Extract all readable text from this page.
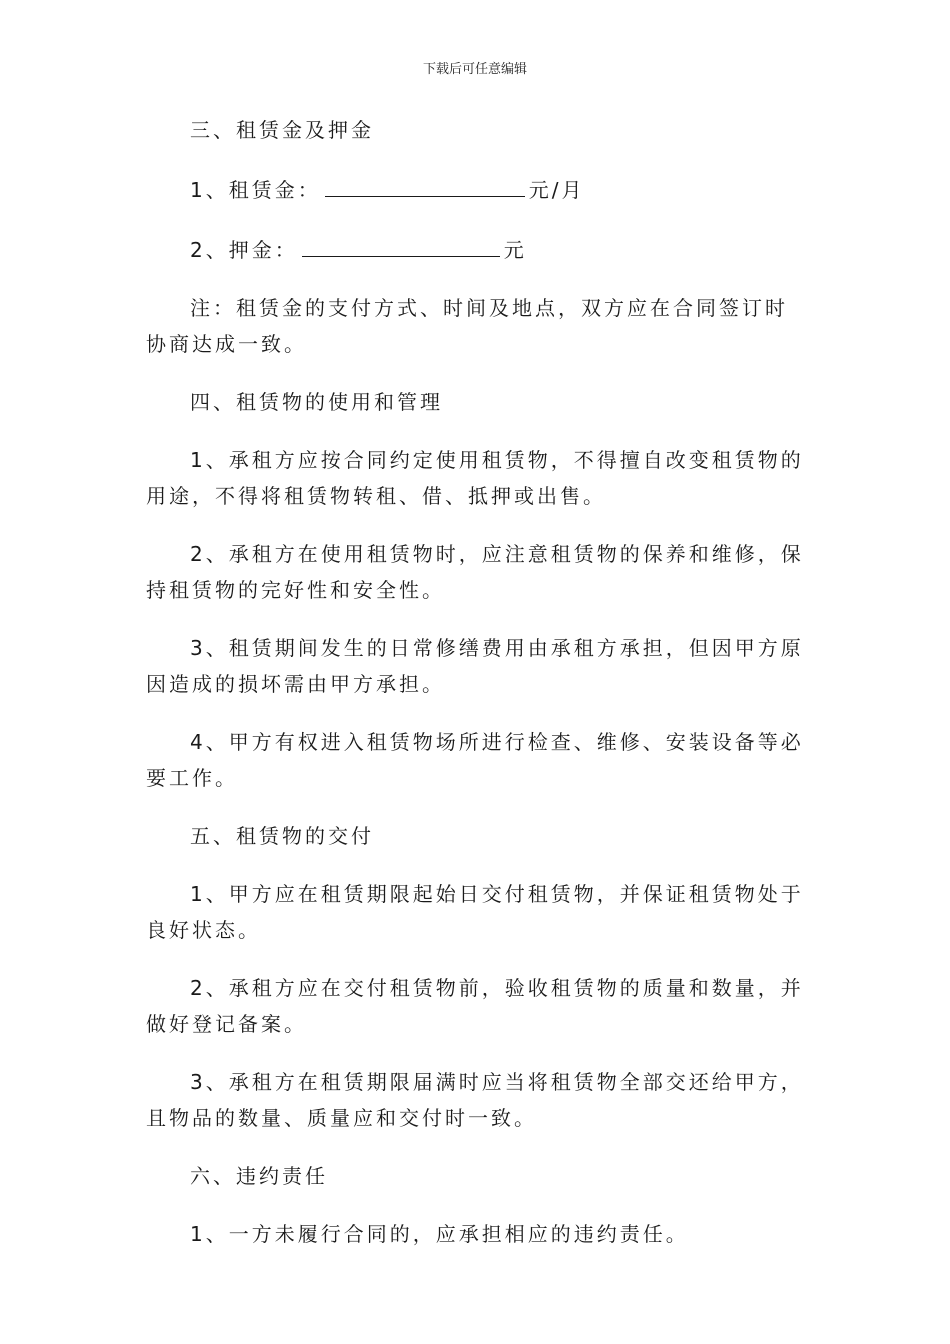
下载后可任意编辑

三、租赁金及押金

1、租赁金：	元/月

2、押金：	元

注：租赁金的支付方式、时间及地点，双方应在合同签订时协商达成一致。

四、租赁物的使用和管理

1、承租方应按合同约定使用租赁物，不得擅自改变租赁物的用途，不得将租赁物转租、借、抵押或出售。

2、承租方在使用租赁物时，应注意租赁物的保养和维修，保持租赁物的完好性和安全性。

3、租赁期间发生的日常修缮费用由承租方承担，但因甲方原因造成的损坏需由甲方承担。

4、甲方有权进入租赁物场所进行检查、维修、安装设备等必要工作。

五、租赁物的交付

1、甲方应在租赁期限起始日交付租赁物，并保证租赁物处于良好状态。

2、承租方应在交付租赁物前，验收租赁物的质量和数量，并做好登记备案。

3、承租方在租赁期限届满时应当将租赁物全部交还给甲方，且物品的数量、质量应和交付时一致。

六、违约责任

1、一方未履行合同的，应承担相应的违约责任。
